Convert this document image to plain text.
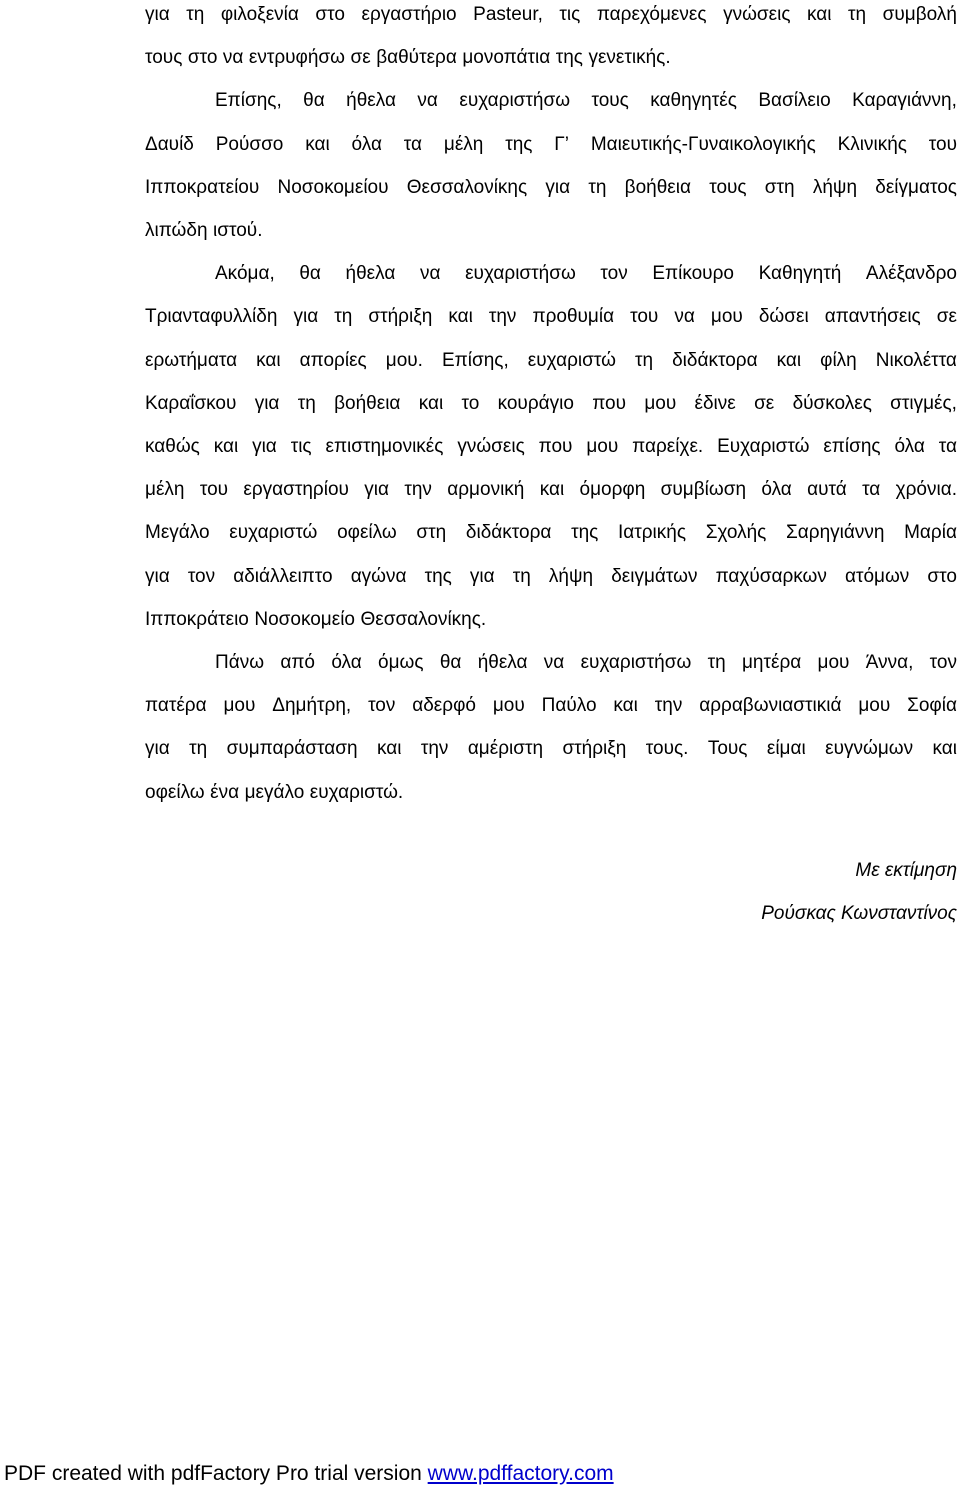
για τη φιλοξενία στο εργαστήριο Pasteur, τις παρεχόμενες γνώσεις και τη συμβολή
τους στο να εντρυφήσω σε βαθύτερα μονοπάτια της γενετικής.
Επίσης, θα ήθελα να ευχαριστήσω τους καθηγητές Βασίλειο Καραγιάννη,
Δαυίδ Ρούσσο και όλα τα μέλη της Γ’ Μαιευτικής-Γυναικολογικής Κλινικής του
Ιπποκρατείου Νοσοκομείου Θεσσαλονίκης για τη βοήθεια τους στη λήψη δείγματος
λιπώδη ιστού.
Ακόμα, θα ήθελα να ευχαριστήσω τον Επίκουρο Καθηγητή Αλέξανδρο
Τριανταφυλλίδη για τη στήριξη και την προθυμία του να μου δώσει απαντήσεις σε
ερωτήματα και απορίες μου. Επίσης, ευχαριστώ τη διδάκτορα και φίλη Νικολέττα
Καραΐσκου για τη βοήθεια και το κουράγιο που μου έδινε σε δύσκολες στιγμές,
καθώς και για τις επιστημονικές γνώσεις που μου παρείχε. Ευχαριστώ επίσης όλα τα
μέλη του εργαστηρίου για την αρμονική και όμορφη συμβίωση όλα αυτά τα χρόνια.
Μεγάλο ευχαριστώ οφείλω στη διδάκτορα της Ιατρικής Σχολής Σαρηγιάννη Μαρία
για τον αδιάλλειπτο αγώνα της για τη λήψη δειγμάτων παχύσαρκων ατόμων στο
Ιπποκράτειο Νοσοκομείο Θεσσαλονίκης.
Πάνω από όλα όμως θα ήθελα να ευχαριστήσω τη μητέρα μου Άννα, τον
πατέρα μου Δημήτρη, τον αδερφό μου Παύλο και την αρραβωνιαστικιά μου Σοφία
για τη συμπαράσταση και την αμέριστη στήριξη τους. Τους είμαι ευγνώμων και
οφείλω ένα μεγάλο ευχαριστώ.
Με εκτίμηση
Ρούσκας Κωνσταντίνος
PDF created with pdfFactory Pro trial version www.pdffactory.com
